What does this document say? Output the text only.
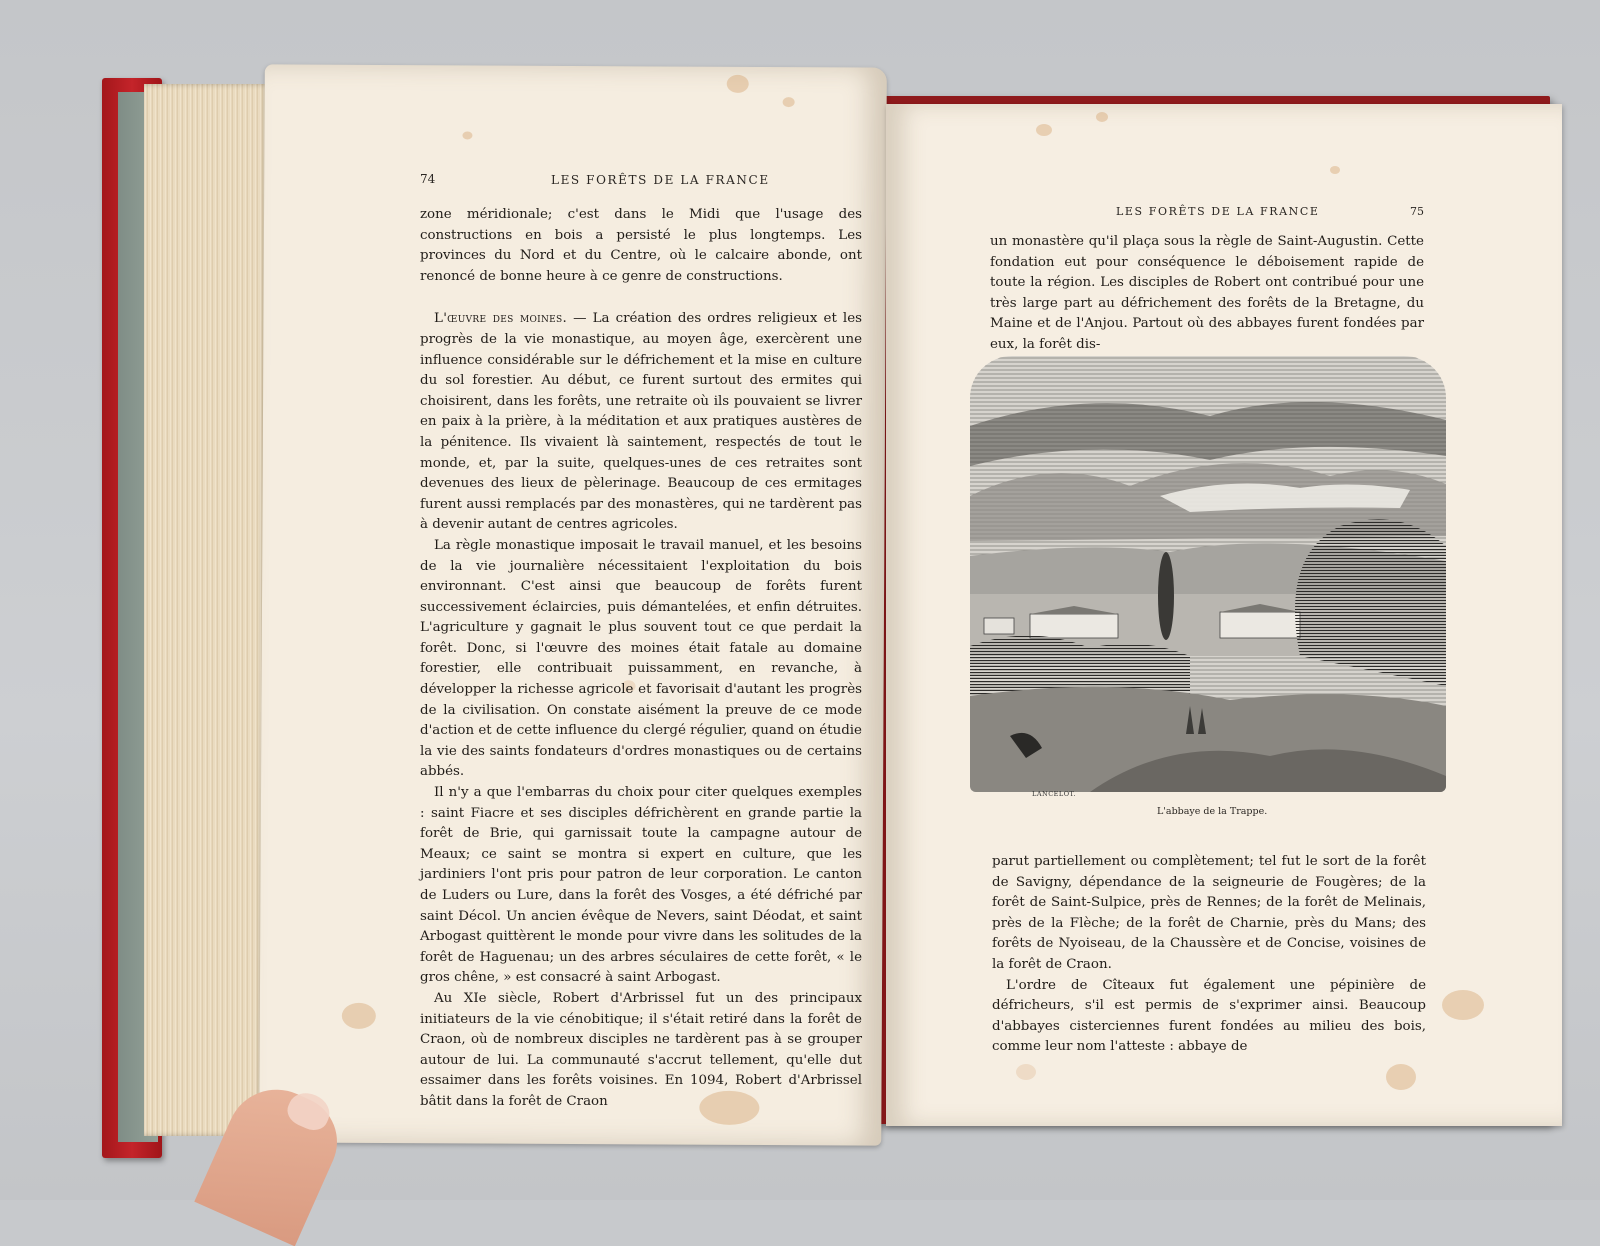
74	LES FORÊTS DE LA FRANCE

zone méridionale; c'est dans le Midi que l'usage des constructions en bois a persisté le plus longtemps. Les provinces du Nord et du Centre, où le calcaire abonde, ont renoncé de bonne heure à ce genre de constructions.

L'œuvre des moines. — La création des ordres religieux et les progrès de la vie monastique, au moyen âge, exercèrent une influence considérable sur le défrichement et la mise en culture du sol forestier. Au début, ce furent surtout des ermites qui choisirent, dans les forêts, une retraite où ils pouvaient se livrer en paix à la prière, à la méditation et aux pratiques austères de la pénitence. Ils vivaient là saintement, respectés de tout le monde, et, par la suite, quelques-unes de ces retraites sont devenues des lieux de pèlerinage. Beaucoup de ces ermitages furent aussi remplacés par des monastères, qui ne tardèrent pas à devenir autant de centres agricoles.

La règle monastique imposait le travail manuel, et les besoins de la vie journalière nécessitaient l'exploitation du bois environnant. C'est ainsi que beaucoup de forêts furent successivement éclaircies, puis démantelées, et enfin détruites. L'agriculture y gagnait le plus souvent tout ce que perdait la forêt. Donc, si l'œuvre des moines était fatale au domaine forestier, elle contribuait puissamment, en revanche, à développer la richesse agricole et favorisait d'autant les progrès de la civilisation. On constate aisément la preuve de ce mode d'action et de cette influence du clergé régulier, quand on étudie la vie des saints fondateurs d'ordres monastiques ou de certains abbés.

Il n'y a que l'embarras du choix pour citer quelques exemples : saint Fiacre et ses disciples défrichèrent en grande partie la forêt de Brie, qui garnissait toute la campagne autour de Meaux; ce saint se montra si expert en culture, que les jardiniers l'ont pris pour patron de leur corporation. Le canton de Luders ou Lure, dans la forêt des Vosges, a été défriché par saint Décol. Un ancien évêque de Nevers, saint Déodat, et saint Arbogast quittèrent le monde pour vivre dans les solitudes de la forêt de Haguenau; un des arbres séculaires de cette forêt, « le gros chêne, » est consacré à saint Arbogast.

Au XIe siècle, Robert d'Arbrissel fut un des principaux initiateurs de la vie cénobitique; il s'était retiré dans la forêt de Craon, où de nombreux disciples ne tardèrent pas à se grouper autour de lui. La communauté s'accrut tellement, qu'elle dut essaimer dans les forêts voisines. En 1094, Robert d'Arbrissel bâtit dans la forêt de Craon

LES FORÊTS DE LA FRANCE	75

un monastère qu'il plaça sous la règle de Saint-Augustin. Cette fondation eut pour conséquence le déboisement rapide de toute la région. Les disciples de Robert ont contribué pour une très large part au défrichement des forêts de la Bretagne, du Maine et de l'Anjou. Partout où des abbayes furent fondées par eux, la forêt dis-

LANCELOT.
L'abbaye de la Trappe.

parut partiellement ou complètement; tel fut le sort de la forêt de Savigny, dépendance de la seigneurie de Fougères; de la forêt de Saint-Sulpice, près de Rennes; de la forêt de Melinais, près de la Flèche; de la forêt de Charnie, près du Mans; des forêts de Nyoiseau, de la Chaussère et de Concise, voisines de la forêt de Craon.

L'ordre de Cîteaux fut également une pépinière de défricheurs, s'il est permis de s'exprimer ainsi. Beaucoup d'abbayes cisterciennes furent fondées au milieu des bois, comme leur nom l'atteste : abbaye de
